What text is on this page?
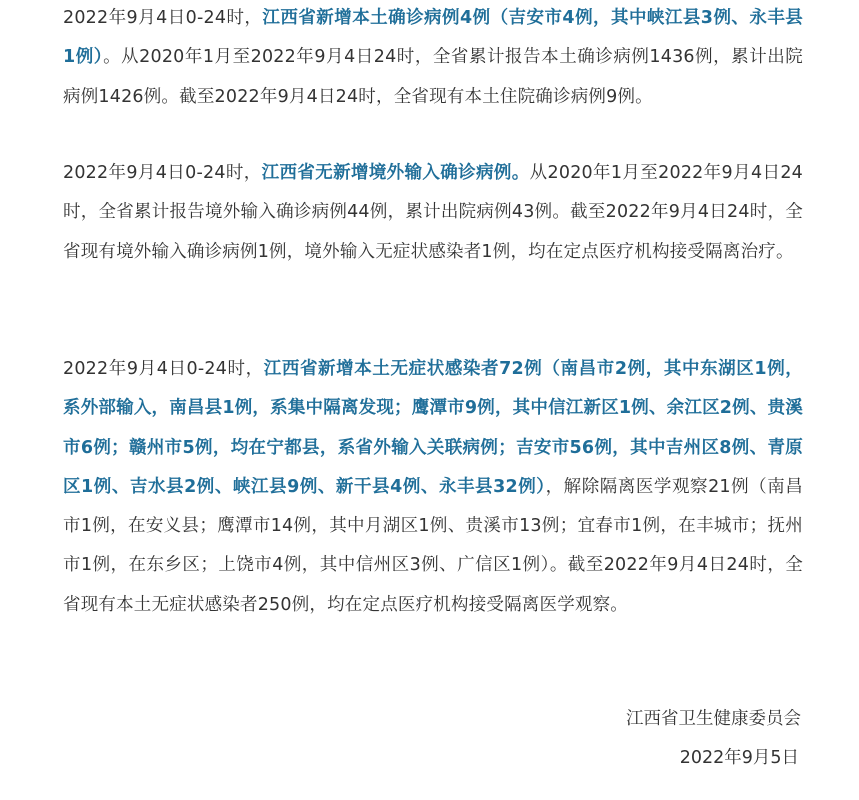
2022年9月4日0-24时，江西省新增本土确诊病例4例（吉安市4例，其中峡江县3例、永丰县1例）。从2020年1月至2022年9月4日24时，全省累计报告本土确诊病例1436例，累计出院病例1426例。截至2022年9月4日24时，全省现有本土住院确诊病例9例。

2022年9月4日0-24时，江西省无新增境外输入确诊病例。从2020年1月至2022年9月4日24时，全省累计报告境外输入确诊病例44例，累计出院病例43例。截至2022年9月4日24时，全省现有境外输入确诊病例1例，境外输入无症状感染者1例，均在定点医疗机构接受隔离治疗。

2022年9月4日0-24时，江西省新增本土无症状感染者72例（南昌市2例，其中东湖区1例，系外部输入，南昌县1例，系集中隔离发现；鹰潭市9例，其中信江新区1例、余江区2例、贵溪市6例；赣州市5例，均在宁都县，系省外输入关联病例；吉安市56例，其中吉州区8例、青原区1例、吉水县2例、峡江县9例、新干县4例、永丰县32例），解除隔离医学观察21例（南昌市1例，在安义县；鹰潭市14例，其中月湖区1例、贵溪市13例；宜春市1例，在丰城市；抚州市1例，在东乡区；上饶市4例，其中信州区3例、广信区1例）。截至2022年9月4日24时，全省现有本土无症状感染者250例，均在定点医疗机构接受隔离医学观察。

江西省卫生健康委员会
2022年9月5日
